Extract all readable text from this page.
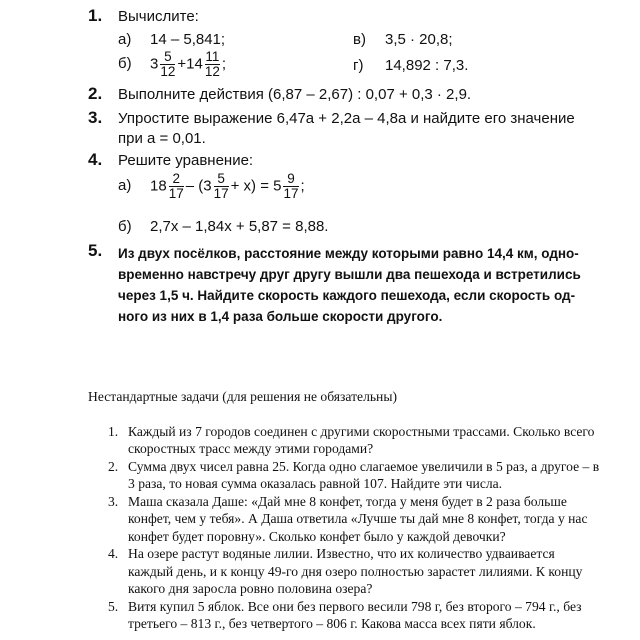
1. Вычислите:
а) 14 – 5,841;	в) 3,5 · 20,8;
б) $3 \frac{5}{12} +14 \frac{11}{12}$ ;	г) 14,892 : 7,3.
2. Выполните действия (6,87 – 2,67) : 0,07 + 0,3 · 2,9.
3. Упростите выражение 6,47a + 2,2a – 4,8a и найдите его значение
при a = 0,01.
4. Решите уравнение:
а) $18 \frac{2}{17} - (3 \frac{5}{17} + x) = 5 \frac{9}{17}$ ;
б) 2,7x – 1,84x + 5,87 = 8,88.
5. Из двух посёлков, расстояние между которыми равно 14,4 км, одно-
временно навстречу друг другу вышли два пешехода и встретились
через 1,5 ч. Найдите скорость каждого пешехода, если скорость од-
ного из них в 1,4 раза больше скорости другого.
Нестандартные задачи (для решения не обязательны)
1. Каждый из 7 городов соединен с другими скоростными трассами. Сколько всего скоростных трасс между этими городами?
2. Сумма двух чисел равна 25. Когда одно слагаемое увеличили в 5 раз, а другое – в 3 раза, то новая сумма оказалась равной 107. Найдите эти числа.
3. Маша сказала Даше: «Дай мне 8 конфет, тогда у меня будет в 2 раза больше конфет, чем у тебя». А Даша ответила «Лучше ты дай мне 8 конфет, тогда у нас конфет будет поровну». Сколько конфет было у каждой девочки?
4. На озере растут водяные лилии. Известно, что их количество удваивается каждый день, и к концу 49-го дня озеро полностью зарастет лилиями. К концу какого дня заросла ровно половина озера?
5. Витя купил 5 яблок. Все они без первого весили 798 г, без второго – 794 г., без третьего – 813 г., без четвертого – 806 г. Какова масса всех пяти яблок.
